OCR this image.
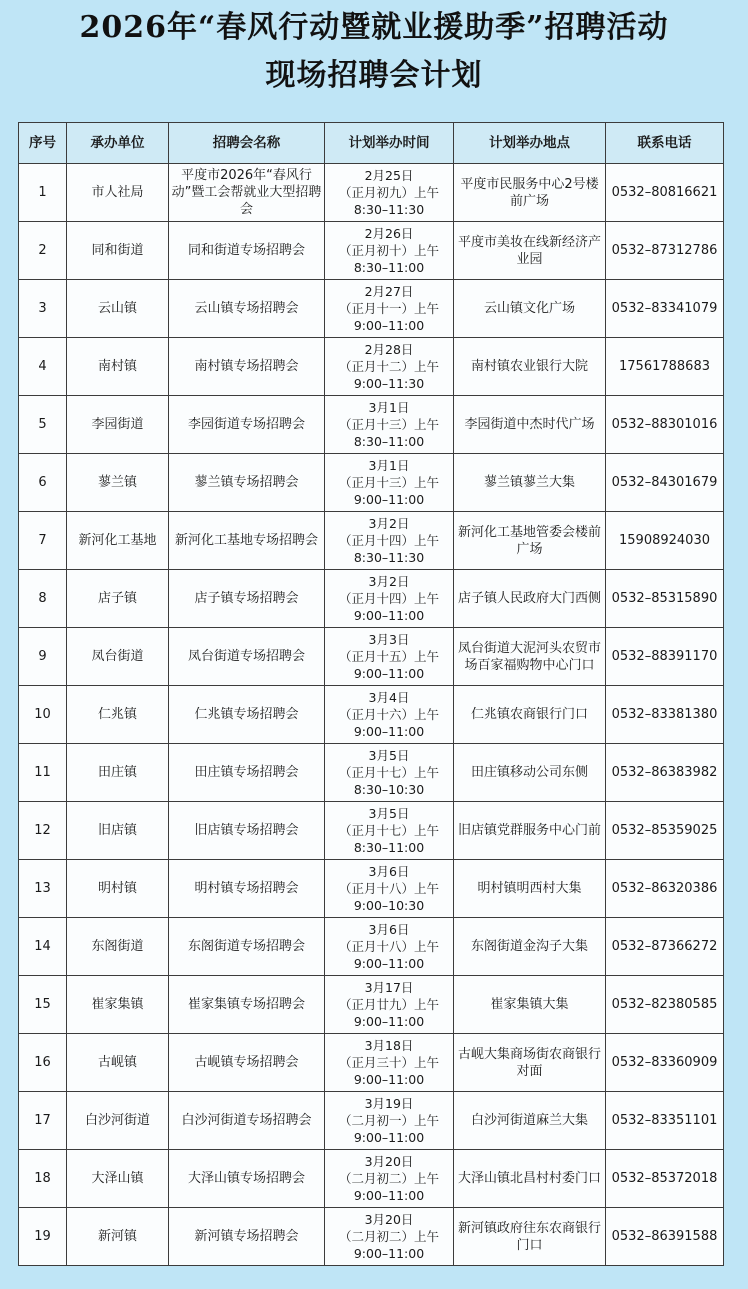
2026年“春风行动暨就业援助季”招聘活动
现场招聘会计划
序号	承办单位	招聘会名称	计划举办时间	计划举办地点	联系电话
1	市人社局	平度市2026年“春风行动”暨工会帮就业大型招聘会	2月25日
（正月初九）上午
8:30–11:30	平度市民服务中心2号楼前广场	0532–80816621
2	同和街道	同和街道专场招聘会	2月26日
（正月初十）上午
8:30–11:00	平度市美妆在线新经济产业园	0532–87312786
3	云山镇	云山镇专场招聘会	2月27日
（正月十一）上午
9:00–11:00	云山镇文化广场	0532–83341079
4	南村镇	南村镇专场招聘会	2月28日
（正月十二）上午
9:00–11:30	南村镇农业银行大院	17561788683
5	李园街道	李园街道专场招聘会	3月1日
（正月十三）上午
8:30–11:00	李园街道中杰时代广场	0532–88301016
6	蓼兰镇	蓼兰镇专场招聘会	3月1日
（正月十三）上午
9:00–11:00	蓼兰镇蓼兰大集	0532–84301679
7	新河化工基地	新河化工基地专场招聘会	3月2日
（正月十四）上午
8:30–11:30	新河化工基地管委会楼前广场	15908924030
8	店子镇	店子镇专场招聘会	3月2日
（正月十四）上午
9:00–11:00	店子镇人民政府大门西侧	0532–85315890
9	凤台街道	凤台街道专场招聘会	3月3日
（正月十五）上午
9:00–11:00	凤台街道大泥河头农贸市场百家福购物中心门口	0532–88391170
10	仁兆镇	仁兆镇专场招聘会	3月4日
（正月十六）上午
9:00–11:00	仁兆镇农商银行门口	0532–83381380
11	田庄镇	田庄镇专场招聘会	3月5日
（正月十七）上午
8:30–10:30	田庄镇移动公司东侧	0532–86383982
12	旧店镇	旧店镇专场招聘会	3月5日
（正月十七）上午
8:30–11:00	旧店镇党群服务中心门前	0532–85359025
13	明村镇	明村镇专场招聘会	3月6日
（正月十八）上午
9:00–10:30	明村镇明西村大集	0532–86320386
14	东阁街道	东阁街道专场招聘会	3月6日
（正月十八）上午
9:00–11:00	东阁街道金沟子大集	0532–87366272
15	崔家集镇	崔家集镇专场招聘会	3月17日
（正月廿九）上午
9:00–11:00	崔家集镇大集	0532–82380585
16	古岘镇	古岘镇专场招聘会	3月18日
（正月三十）上午
9:00–11:00	古岘大集商场街农商银行对面	0532–83360909
17	白沙河街道	白沙河街道专场招聘会	3月19日
（二月初一）上午
9:00–11:00	白沙河街道麻兰大集	0532–83351101
18	大泽山镇	大泽山镇专场招聘会	3月20日
（二月初二）上午
9:00–11:00	大泽山镇北昌村村委门口	0532–85372018
19	新河镇	新河镇专场招聘会	3月20日
（二月初二）上午
9:00–11:00	新河镇政府往东农商银行门口	0532–86391588
